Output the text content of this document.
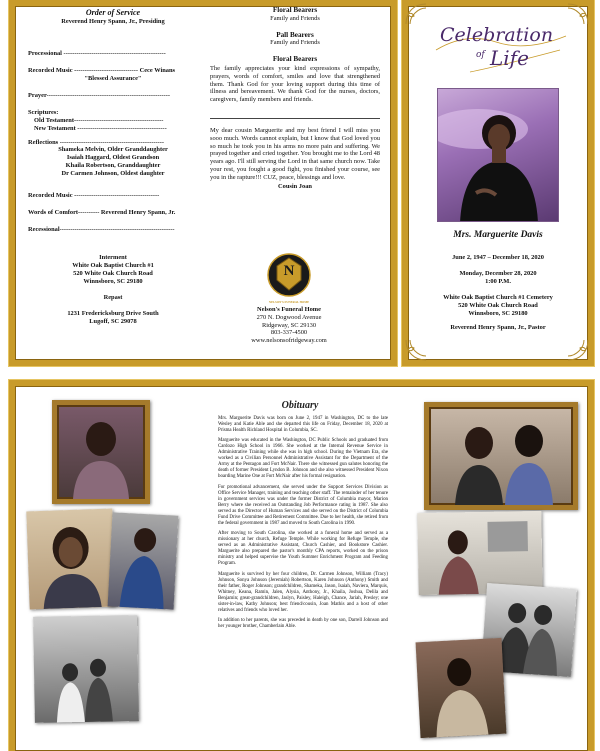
Order of Service
Reverend Henry Spann, Jr., Presiding
Processional ------------------------------------------------
Recorded Music ------------------------------ Cece Winans
"Blessed Assurance"
Prayer----------------------------------------------------------
Scriptures:
Old Testament------------------------------------------
New Testament ------------------------------------------
Reflections -------------------------------------------------
Shameka Melvin, Older Granddaughter
Isaiah Haggard, Oldest Grandson
Khaila Robertson, Granddaughter
Dr Carmen Johnson, Oldest daughter
Recorded Music ----------------------------------------
Words of Comfort---------- Reverend Henry Spann, Jr.
Recessional------------------------------------------------------
Interment
White Oak Baptist Church #1
520 White Oak Church Road
Winnsboro, SC 29180
Repast
1231 Fredericksburg Drive South
Lugoff, SC 29078
Floral Bearers
Family and Friends
Pall Bearers
Family and Friends
Floral Bearers
The family appreciates your kind expressions of sympathy, prayers, words of comfort, smiles and love that strengthened them. Thank God for your loving support during this time of illness and bereavement. We thank God for the nurses, doctors, caregivers, family members and friends.
My dear cousin Marguerite and my best friend I will miss you sooo much. Words cannot explain, but I know that God loved you so much he took you in his arms no more pain and suffering. We prayed together and cried together. You brought me to the Lord 48 years ago. I'll still serving the Lord in that same church now. Take your rest, you fought a good fight, you finished your course, see you in the rapture!!! CUZ, peace, blessings and love.
Cousin Joan
N
NELSON'S FUNERAL HOME
Nelson's Funeral Home
270 N. Dogwood Avenue
Ridgeway, SC 29130
803-337-4500
www.nelsonsofridgeway.com
Celebration
of Life
Mrs. Marguerite Davis
June 2, 1947 – December 18, 2020
Monday, December 28, 2020
1:00 P.M.
White Oak Baptist Church #1 Cemetery
520 White Oak Church Road
Winnsboro, SC 29180
Reverend Henry Spann, Jr., Pastor
Obituary

Mrs. Marguerite Davis was born on June 2, 1947 in Washington, DC to the late Wesley and Katie Able and she departed this life on Friday, December 18, 2020 at Prisma Health Richland Hospital in Columbia, SC.

Marguerite was educated in the Washington, DC Public Schools and graduated from Cardozo High School in 1966. She worked at the Internal Revenue Service in Administrative Training while she was in high school. During the Vietnam Era, she worked as a Civilian Personnel Administrative Assistant for the Department of the Army at the Pentagon and Fort McNair. There she witnessed gun salutes honoring the death of former President Lyndon B. Johnson and she also witnessed President Nixon boarding Marine One at Fort McNair after his formal resignation.

For promotional advancement, she served under the Support Services Division as Office Service Manager, training and teaching other staff. The remainder of her tenure in government services was under the former District of Columbia mayor, Marion Berry where she received an Outstanding Job Performance rating in 1987. She also served as the Director of Human Services and she served on the District of Columbia Fund Drive Committee and Retirement Committee. Due to her health, she retired from the federal government in 1987 and moved to South Carolina in 1990.

After moving to South Carolina, she worked at a funeral home and served as a missionary at her church, Refuge Temple. While working for Refuge Temple, she served as an Administrative Assistant, Church Cashier, and Bookstore Cashier. Marguerite also prepared the pastor's monthly CPA reports, worked on the prison ministry and helped supervise the Youth Summer Enrichment Program and Feeding Program.

Marguerite is survived by her four children, Dr. Carmen Johnson, William (Tracy) Johnson, Sonya Johnson (Jeremiah) Robertson, Karen Johnson (Anthony) Smith and their father, Roger Johnson; grandchildren, Shameka, Jason, Isaiah, Naviera, Marquis, Whitney, Keana, Ramin, Jalen, Alysia, Anthony, Jr., Khaila, Joshua, Delila and Benjamin; great-grandchildren, Jaslyn, Paisley, Haleigh, Chance, Jariah, Presley; one sister-in-law, Kathy Johnson; best friend/cousin, Joan Mathis and a host of other relatives and friends who loved her.

In addition to her parents, she was preceded in death by one son, Darrell Johnson and her younger brother, Chamberlain Able.
